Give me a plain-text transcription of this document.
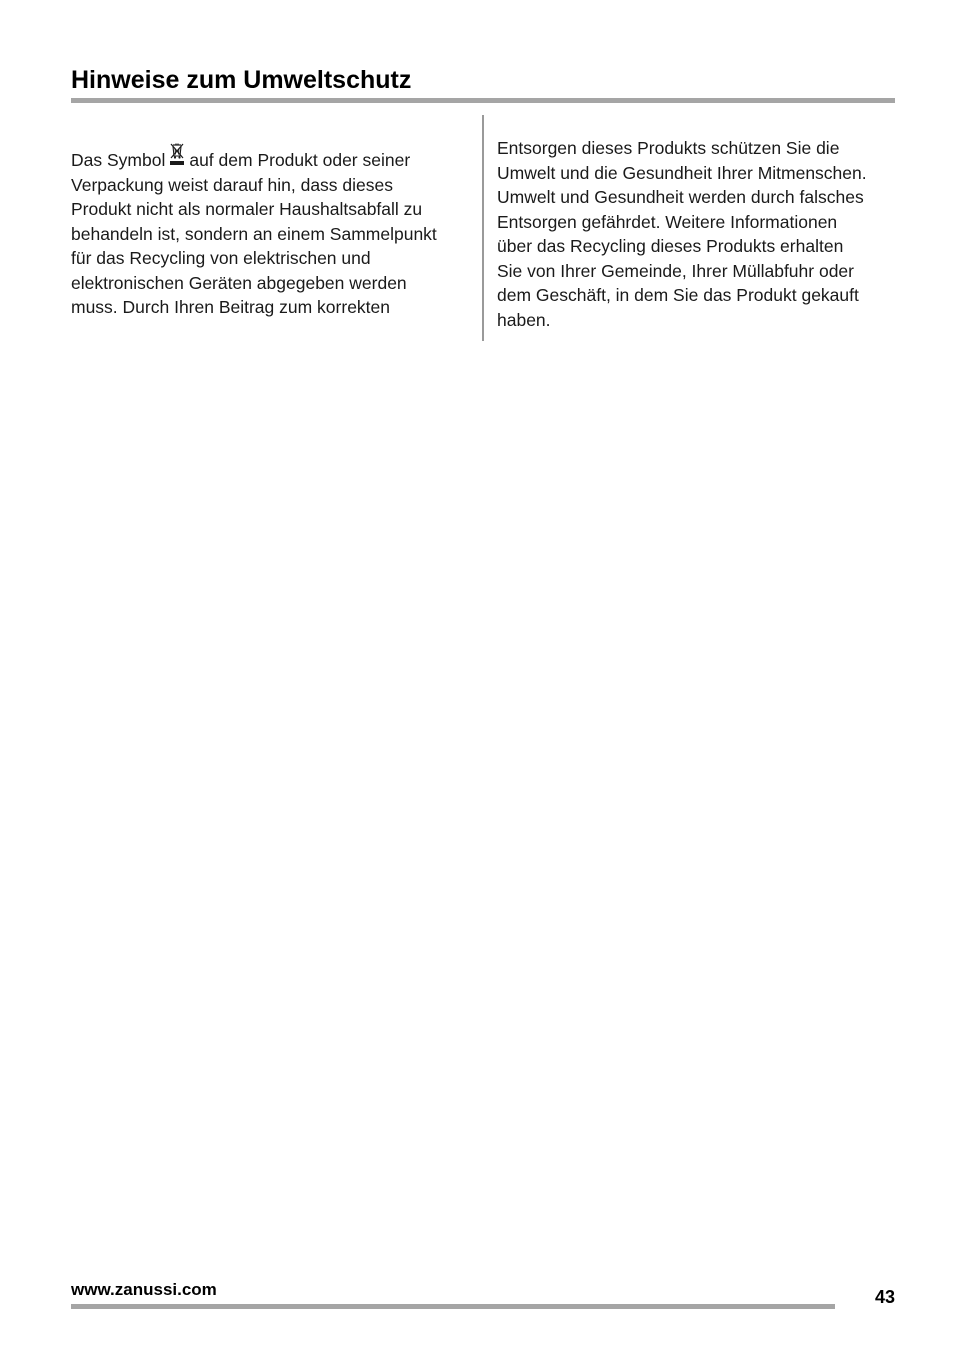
Hinweise zum Umweltschutz
Das Symbol auf dem Produkt oder seiner
Verpackung weist darauf hin, dass dieses
Produkt nicht als normaler Haushaltsabfall zu
behandeln ist, sondern an einem Sammelpunkt
für das Recycling von elektrischen und
elektronischen Geräten abgegeben werden
muss. Durch Ihren Beitrag zum korrekten
Entsorgen dieses Produkts schützen Sie die
Umwelt und die Gesundheit Ihrer Mitmenschen.
Umwelt und Gesundheit werden durch falsches
Entsorgen gefährdet. Weitere Informationen
über das Recycling dieses Produkts erhalten
Sie von Ihrer Gemeinde, Ihrer Müllabfuhr oder
dem Geschäft, in dem Sie das Produkt gekauft
haben.
www.zanussi.com	43
